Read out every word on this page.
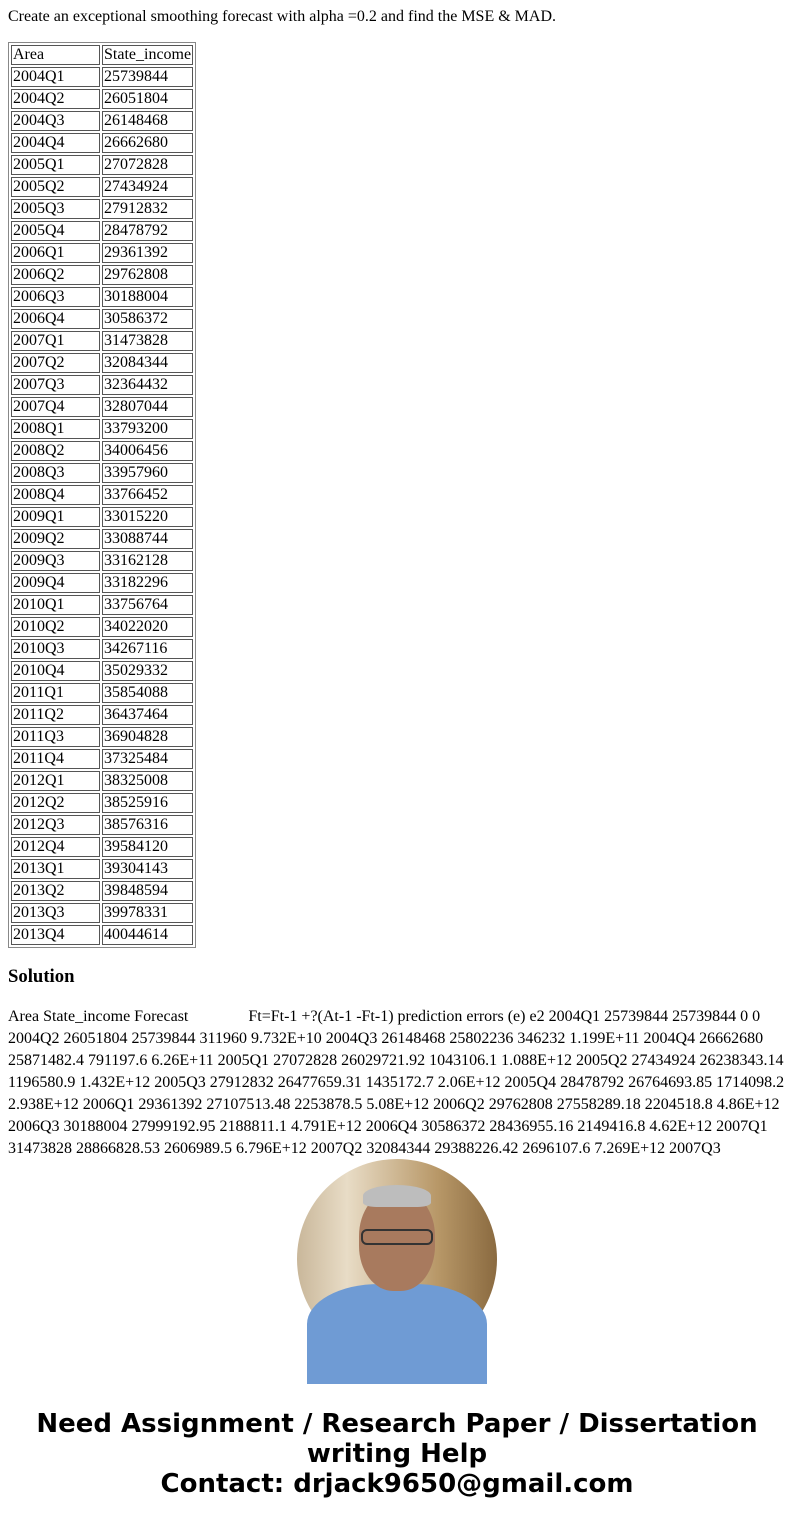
Create an exceptional smoothing forecast with alpha =0.2 and find the MSE & MAD.

Area	State_income
2004Q1	25739844
2004Q2	26051804
2004Q3	26148468
2004Q4	26662680
2005Q1	27072828
2005Q2	27434924
2005Q3	27912832
2005Q4	28478792
2006Q1	29361392
2006Q2	29762808
2006Q3	30188004
2006Q4	30586372
2007Q1	31473828
2007Q2	32084344
2007Q3	32364432
2007Q4	32807044
2008Q1	33793200
2008Q2	34006456
2008Q3	33957960
2008Q4	33766452
2009Q1	33015220
2009Q2	33088744
2009Q3	33162128
2009Q4	33182296
2010Q1	33756764
2010Q2	34022020
2010Q3	34267116
2010Q4	35029332
2011Q1	35854088
2011Q2	36437464
2011Q3	36904828
2011Q4	37325484
2012Q1	38325008
2012Q2	38525916
2012Q3	38576316
2012Q4	39584120
2013Q1	39304143
2013Q2	39848594
2013Q3	39978331
2013Q4	40044614
Solution

Area State_income Forecast               Ft=Ft-1 +?(At-1 -Ft-1) prediction errors (e) e2 2004Q1 25739844 25739844 0 0 2004Q2 26051804 25739844 311960 9.732E+10 2004Q3 26148468 25802236 346232 1.199E+11 2004Q4 26662680 25871482.4 791197.6 6.26E+11 2005Q1 27072828 26029721.92 1043106.1 1.088E+12 2005Q2 27434924 26238343.14 1196580.9 1.432E+12 2005Q3 27912832 26477659.31 1435172.7 2.06E+12 2005Q4 28478792 26764693.85 1714098.2 2.938E+12 2006Q1 29361392 27107513.48 2253878.5 5.08E+12 2006Q2 29762808 27558289.18 2204518.8 4.86E+12 2006Q3 30188004 27999192.95 2188811.1 4.791E+12 2006Q4 30586372 28436955.16 2149416.8 4.62E+12 2007Q1 31473828 28866828.53 2606989.5 6.796E+12 2007Q2 32084344 29388226.42 2696107.6 7.269E+12 2007Q3

Need Assignment / Research Paper / Dissertation writing Help
Contact: drjack9650@gmail.com
